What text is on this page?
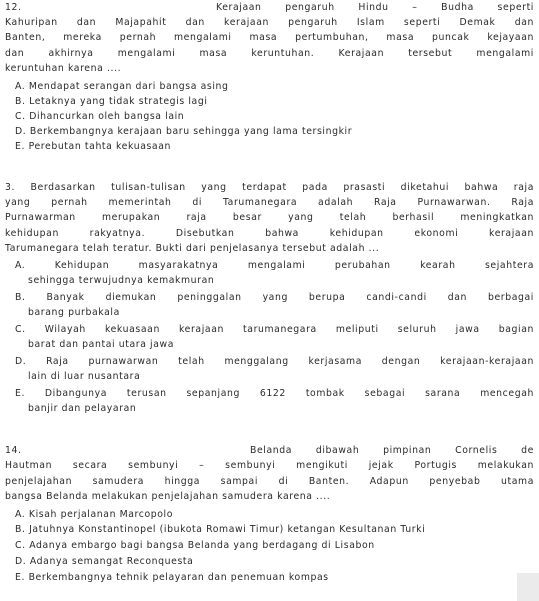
12.	Kerajaan pengaruh Hindu – Budha seperti
Kahuripan dan Majapahit dan kerajaan pengaruh Islam seperti Demak dan
Banten, mereka pernah mengalami masa pertumbuhan, masa puncak kejayaan
dan akhirnya mengalami masa keruntuhan. Kerajaan tersebut mengalami
keruntuhan karena ....
A. Mendapat serangan dari bangsa asing
B. Letaknya yang tidak strategis lagi
C. Dihancurkan oleh bangsa lain
D. Berkembangnya kerajaan baru sehingga yang lama tersingkir
E. Perebutan tahta kekuasaan
3. Berdasarkan tulisan-tulisan yang terdapat pada prasasti diketahui bahwa raja
yang pernah memerintah di Tarumanegara adalah Raja Purnawarwan. Raja
Purnawarman merupakan raja besar yang telah berhasil meningkatkan
kehidupan rakyatnya. Disebutkan bahwa kehidupan ekonomi kerajaan
Tarumanegara telah teratur. Bukti dari penjelasanya tersebut adalah ...
A. Kehidupan masyarakatnya mengalami perubahan kearah sejahtera
sehingga terwujudnya kemakmuran
B. Banyak diemukan peninggalan yang berupa candi-candi dan berbagai
barang purbakala
C. Wilayah kekuasaan kerajaan tarumanegara meliputi seluruh jawa bagian
barat dan pantai utara jawa
D. Raja purnawarwan telah menggalang kerjasama dengan kerajaan-kerajaan
lain di luar nusantara
E. Dibangunya terusan sepanjang 6122 tombak sebagai sarana mencegah
banjir dan pelayaran
14.	Belanda dibawah pimpinan Cornelis de
Hautman secara sembunyi – sembunyi mengikuti jejak Portugis melakukan
penjelajahan samudera hingga sampai di Banten. Adapun penyebab utama
bangsa Belanda melakukan penjelajahan samudera karena ....
A. Kisah perjalanan Marcopolo
B. Jatuhnya Konstantinopel (ibukota Romawi Timur) ketangan Kesultanan Turki
C. Adanya embargo bagi bangsa Belanda yang berdagang di Lisabon
D. Adanya semangat Reconquesta
E. Berkembangnya tehnik pelayaran dan penemuan kompas
